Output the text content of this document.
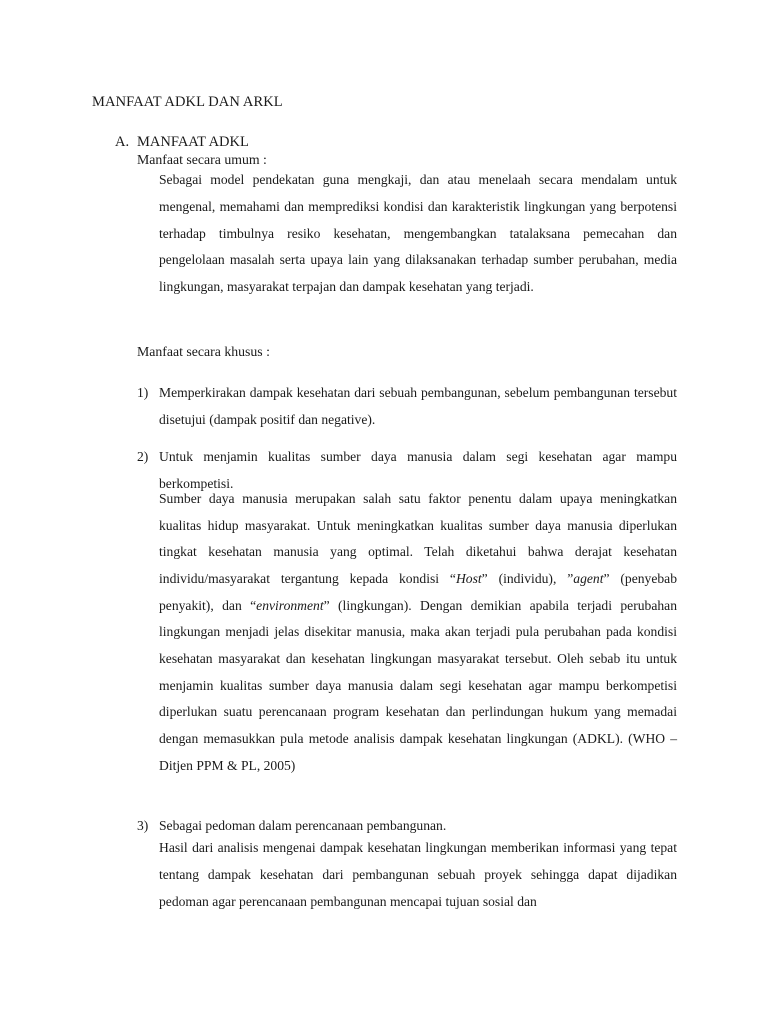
MANFAAT ADKL DAN ARKL
A. MANFAAT ADKL
Manfaat secara umum :
Sebagai model pendekatan guna mengkaji, dan atau menelaah secara mendalam untuk mengenal, memahami dan memprediksi kondisi dan karakteristik lingkungan yang berpotensi terhadap timbulnya resiko kesehatan, mengembangkan tatalaksana pemecahan dan pengelolaan masalah serta upaya lain yang dilaksanakan terhadap sumber perubahan, media lingkungan, masyarakat terpajan dan dampak kesehatan yang terjadi.
Manfaat secara khusus :
1) Memperkirakan dampak kesehatan dari sebuah pembangunan, sebelum pembangunan tersebut disetujui (dampak positif dan negative).
2) Untuk menjamin kualitas sumber daya manusia dalam segi kesehatan agar mampu berkompetisi.
Sumber daya manusia merupakan salah satu faktor penentu dalam upaya meningkatkan kualitas hidup masyarakat. Untuk meningkatkan kualitas sumber daya manusia diperlukan tingkat kesehatan manusia yang optimal. Telah diketahui bahwa derajat kesehatan individu/masyarakat tergantung kepada kondisi “Host” (individu), ”agent” (penyebab penyakit), dan “environment” (lingkungan). Dengan demikian apabila terjadi perubahan lingkungan menjadi jelas disekitar manusia, maka akan terjadi pula perubahan pada kondisi kesehatan masyarakat dan kesehatan lingkungan masyarakat tersebut. Oleh sebab itu untuk menjamin kualitas sumber daya manusia dalam segi kesehatan agar mampu berkompetisi diperlukan suatu perencanaan program kesehatan dan perlindungan hukum yang memadai dengan memasukkan pula metode analisis dampak kesehatan lingkungan (ADKL). (WHO – Ditjen PPM & PL, 2005)
3) Sebagai pedoman dalam perencanaan pembangunan.
Hasil dari analisis mengenai dampak kesehatan lingkungan memberikan informasi yang tepat tentang dampak kesehatan dari pembangunan sebuah proyek sehingga dapat dijadikan pedoman agar perencanaan pembangunan mencapai tujuan sosial dan
